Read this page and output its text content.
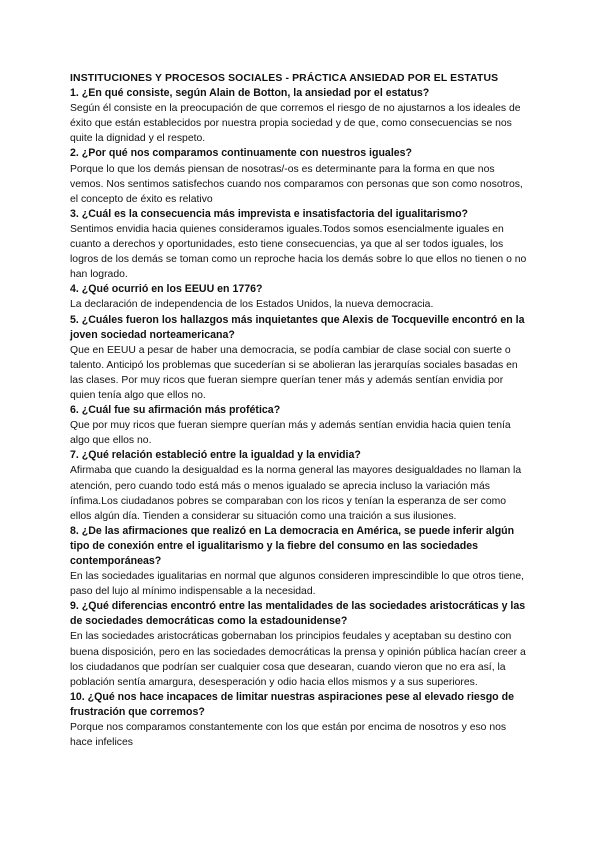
INSTITUCIONES Y PROCESOS SOCIALES - PRÁCTICA ANSIEDAD POR EL ESTATUS

1. ¿En qué consiste, según Alain de Botton, la ansiedad por el estatus?

Según él consiste en la preocupación de que corremos el riesgo de no ajustarnos a los ideales de éxito que están establecidos por nuestra propia sociedad y de que, como consecuencias se nos quite la dignidad y el respeto.

2. ¿Por qué nos comparamos continuamente con nuestros iguales?

Porque lo que los demás piensan de nosotras/-os es determinante para la forma en que nos vemos. Nos sentimos satisfechos cuando nos comparamos con personas que son como nosotros, el concepto de éxito es relativo

3. ¿Cuál es la consecuencia más imprevista e insatisfactoria del igualitarismo?

Sentimos envidia hacia quienes consideramos iguales.Todos somos esencialmente iguales en cuanto a derechos y oportunidades, esto tiene consecuencias, ya que al ser todos iguales, los logros de los demás se toman como un reproche hacia los demás sobre lo que ellos no tienen o no han logrado.

4. ¿Qué ocurrió en los EEUU en 1776?

La declaración de independencia de los Estados Unidos, la nueva democracia.

5. ¿Cuáles fueron los hallazgos más inquietantes que Alexis de Tocqueville encontró en la joven sociedad norteamericana?

Que en EEUU a pesar de haber una democracia, se podía cambiar de clase social con suerte o talento. Anticipó los problemas que sucederían si se abolieran las jerarquías sociales basadas en las clases. Por muy ricos que fueran siempre querían tener más y además sentían envidia por quien tenía algo que ellos no.

6. ¿Cuál fue su afirmación más profética?

Que por muy ricos que fueran siempre querían más y además sentían envidia hacia quien tenía algo que ellos no.

7. ¿Qué relación estableció entre la igualdad y la envidia?

Afirmaba que cuando la desigualdad es la norma general las mayores desigualdades no llaman la atención, pero cuando todo está más o menos igualado se aprecia incluso la variación más ínfima.Los ciudadanos pobres se comparaban con los ricos y tenían la esperanza de ser como ellos algún día. Tienden a considerar su situación como una traición a sus ilusiones.

8. ¿De las afirmaciones que realizó en La democracia en América, se puede inferir algún tipo de conexión entre el igualitarismo y la fiebre del consumo en las sociedades contemporáneas?

En las sociedades igualitarias en normal que algunos consideren imprescindible lo que otros tiene, paso del lujo al mínimo indispensable a la necesidad.

9. ¿Qué diferencias encontró entre las mentalidades de las sociedades aristocráticas y las de sociedades democráticas como la estadounidense?

En las sociedades aristocráticas gobernaban los principios feudales y aceptaban su destino con buena disposición, pero en las sociedades democráticas la prensa y opinión pública hacían creer a los ciudadanos que podrían ser cualquier cosa que desearan, cuando vieron que no era así, la población sentía amargura, desesperación y odio hacia ellos mismos y a sus superiores.

10. ¿Qué nos hace incapaces de limitar nuestras aspiraciones pese al elevado riesgo de frustración que corremos?

Porque nos comparamos constantemente con los que están por encima de nosotros y eso nos hace infelices
